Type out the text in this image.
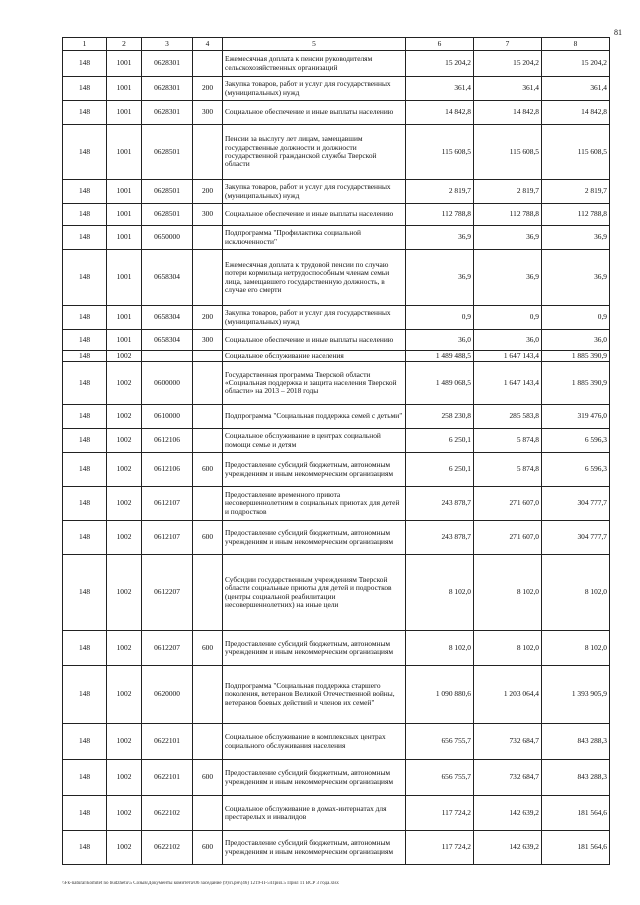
81
1	2	3	4	5	6	7	8
148	1001	0628301		Ежемесячная доплата к пенсии руководителям сельскохозяйственных организаций	15 204,2	15 204,2	15 204,2
148	1001	0628301	200	Закупка товаров, работ и услуг для государственных (муниципальных) нужд	361,4	361,4	361,4
148	1001	0628301	300	Социальное обеспечение и иные выплаты населению	14 842,8	14 842,8	14 842,8
148	1001	0628501		Пенсии за выслугу лет лицам, замещавшим государственные должности и должности государственной гражданской службы Тверской области	115 608,5	115 608,5	115 608,5
148	1001	0628501	200	Закупка товаров, работ и услуг для государственных (муниципальных) нужд	2 819,7	2 819,7	2 819,7
148	1001	0628501	300	Социальное обеспечение и иные выплаты населению	112 788,8	112 788,8	112 788,8
148	1001	0650000		Подпрограмма "Профилактика социальной исключенности"	36,9	36,9	36,9
148	1001	0658304		Ежемесячная доплата к трудовой пенсии по случаю потери кормильца нетрудоспособным членам семьи лица, замещавшего государственную должность, в случае его смерти	36,9	36,9	36,9
148	1001	0658304	200	Закупка товаров, работ и услуг для государственных (муниципальных) нужд	0,9	0,9	0,9
148	1001	0658304	300	Социальное обеспечение и иные выплаты населению	36,0	36,0	36,0
148	1002			Социальное обслуживание населения	1 489 488,5	1 647 143,4	1 885 390,9
148	1002	0600000		Государственная программа Тверской области «Социальная поддержка и защита населения Тверской области» на 2013 – 2018 годы	1 489 068,5	1 647 143,4	1 885 390,9
148	1002	0610000		Подпрограмма "Социальная поддержка семей с детьми"	258 230,8	285 583,8	319 476,0
148	1002	0612106		Социальное обслуживание в центрах социальной помощи семье и детям	6 250,1	5 874,8	6 596,3
148	1002	0612106	600	Предоставление субсидий бюджетным, автономным учреждениям и иным некоммерческим организациям	6 250,1	5 874,8	6 596,3
148	1002	0612107		Предоставление временного приюта несовершеннолетним в социальных приютах для детей и подростков	243 878,7	271 607,0	304 777,7
148	1002	0612107	600	Предоставление субсидий бюджетным, автономным учреждениям и иным некоммерческим организациям	243 878,7	271 607,0	304 777,7
148	1002	0612207		Субсидии государственным учреждениям Тверской области социальные приюты для детей и подростков (центры социальной реабилитации несовершеннолетних) на иные цели	8 102,0	8 102,0	8 102,0
148	1002	0612207	600	Предоставление субсидий бюджетным, автономным учреждениям и иным некоммерческим организациям	8 102,0	8 102,0	8 102,0
148	1002	0620000		Подпрограмма "Социальная поддержка старшего поколения, ветеранов Великой Отечественной войны, ветеранов боевых действий и членов их семей"	1 090 880,6	1 203 064,4	1 393 905,9
148	1002	0622101		Социальное обслуживание в комплексных центрах социального обслуживания населения	656 755,7	732 684,7	843 288,3
148	1002	0622101	600	Предоставление субсидий бюджетным, автономным учреждениям и иным некоммерческим организациям	656 755,7	732 684,7	843 288,3
148	1002	0622102		Социальное обслуживание в домах-интернатах для престарелых и инвалидов	117 724,2	142 639,2	181 564,6
148	1002	0622102	600	Предоставление субсидий бюджетным, автономным учреждениям и иным некоммерческим организациям	117 724,2	142 639,2	181 564,6
\\Fk-natural\komitet no budzhetu\5 Созыв\Документы комитета\06 заседание (9)\п.рн\(46) 1219-П-5\Прил.5 Прил 11 ВСР 3 года.xlsx
